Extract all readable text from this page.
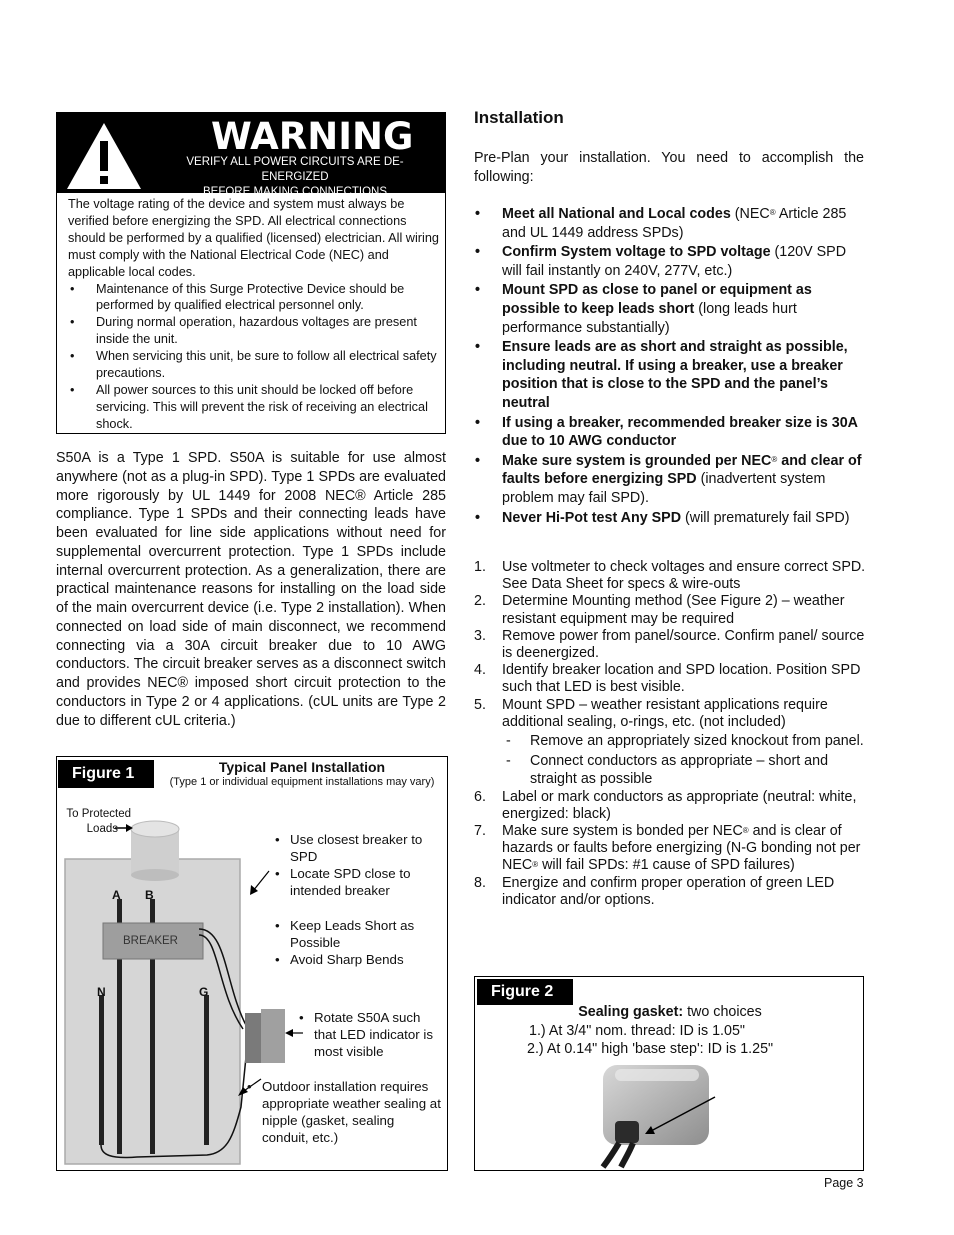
WARNING
VERIFY ALL POWER CIRCUITS ARE DE-ENERGIZED
BEFORE MAKING CONNECTIONS

The voltage rating of the device and system must always be verified before energizing the SPD. All electrical connections should be performed by a qualified (licensed) electrician. All wiring must comply with the National Electrical Code (NEC) and applicable local codes.

• Maintenance of this Surge Protective Device should be performed by qualified electrical personnel only.
• During normal operation, hazardous voltages are present inside the unit.
• When servicing this unit, be sure to follow all electrical safety precautions.
• All power sources to this unit should be locked off before servicing. This will prevent the risk of receiving an electrical shock.
S50A is a Type 1 SPD. S50A is suitable for use almost anywhere (not as a plug-in SPD). Type 1 SPDs are evaluated more rigorously by UL 1449 for 2008 NEC® Article 285 compliance. Type 1 SPDs and their connecting leads have been evaluated for line side applications without need for supplemental overcurrent protection. Type 1 SPDs include internal overcurrent protection. As a generalization, there are practical maintenance reasons for installing on the load side of the main overcurrent device (i.e. Type 2 installation). When connected on load side of main disconnect, we recommend connecting via a 30A circuit breaker due to 10 AWG conductors. The circuit breaker serves as a disconnect switch and provides NEC® imposed short circuit protection to the conductors in Type 2 or 4 applications. (cUL units are Type 2 due to different cUL criteria.)
Figure 1	Typical Panel Installation
(Type 1 or individual equipment installations may vary)
To Protected
Loads
A B
N	G
BREAKER
• Use closest breaker to SPD
• Locate SPD close to intended breaker
• Keep Leads Short as Possible
• Avoid Sharp Bends
• Rotate S50A such that LED indicator is most visible
• Outdoor installation requires appropriate weather sealing at nipple (gasket, sealing conduit, etc.)
Installation
Pre-Plan your installation. You need to accomplish the following:
• Meet all National and Local codes (NEC® Article 285 and UL 1449 address SPDs)
• Confirm System voltage to SPD voltage (120V SPD will fail instantly on 240V, 277V, etc.)
• Mount SPD as close to panel or equipment as possible to keep leads short (long leads hurt performance substantially)
• Ensure leads are as short and straight as possible, including neutral. If using a breaker, use a breaker position that is close to the SPD and the panel’s neutral
• If using a breaker, recommended breaker size is 30A due to 10 AWG conductor
• Make sure system is grounded per NEC® and clear of faults before energizing SPD (inadvertent system problem may fail SPD).
• Never Hi-Pot test Any SPD (will prematurely fail SPD)
1. Use voltmeter to check voltages and ensure correct SPD. See Data Sheet for specs & wire-outs
2. Determine Mounting method (See Figure 2) – weather resistant equipment may be required
3. Remove power from panel/source. Confirm panel/ source is deenergized.
4. Identify breaker location and SPD location. Position SPD such that LED is best visible.
5. Mount SPD – weather resistant applications require additional sealing, o-rings, etc. (not included)
- Remove an appropriately sized knockout from panel.
- Connect conductors as appropriate – short and straight as possible
6. Label or mark conductors as appropriate (neutral: white, energized: black)
7. Make sure system is bonded per NEC® and is clear of hazards or faults before energizing (N-G bonding not per NEC® will fail SPDs: #1 cause of SPD failures)
8. Energize and confirm proper operation of green LED indicator and/or options.
Figure 2
Sealing gasket: two choices
1.) At 3/4" nom. thread: ID is 1.05"
2.) At 0.14" high 'base step': ID is 1.25"
Page 3
